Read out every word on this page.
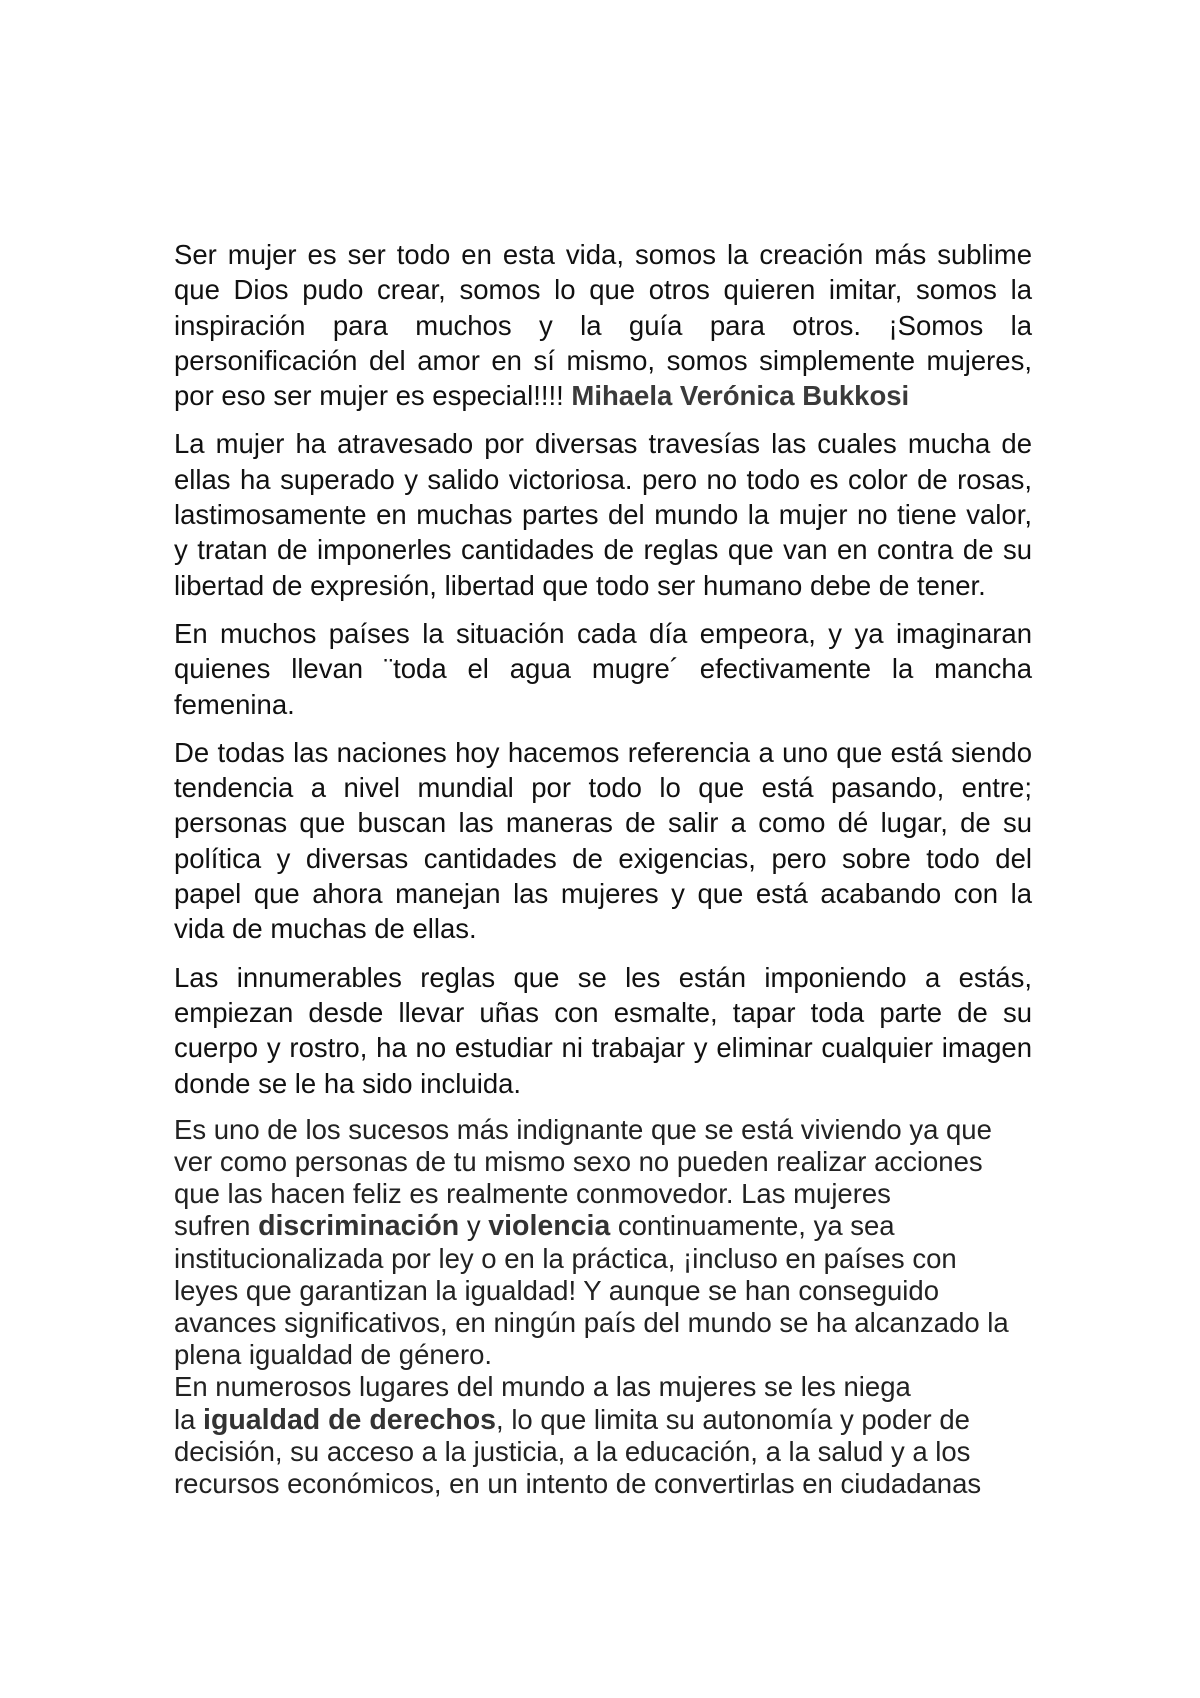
Ser mujer es ser todo en esta vida, somos la creación más sublime que Dios pudo crear, somos lo que otros quieren imitar, somos la inspiración para muchos y la guía para otros. ¡Somos la personificación del amor en sí mismo, somos simplemente mujeres, por eso ser mujer es especial!!!! Mihaela Verónica Bukkosi

La mujer ha atravesado por diversas travesías las cuales mucha de ellas ha superado y salido victoriosa. pero no todo es color de rosas, lastimosamente en muchas partes del mundo la mujer no tiene valor, y tratan de imponerles cantidades de reglas que van en contra de su libertad de expresión, libertad que todo ser humano debe de tener.

En muchos países la situación cada día empeora, y ya imaginaran quienes llevan ¨toda el agua mugre´ efectivamente la mancha femenina.

De todas las naciones hoy hacemos referencia a uno que está siendo tendencia a nivel mundial por todo lo que está pasando, entre; personas que buscan las maneras de salir a como dé lugar, de su política y diversas cantidades de exigencias, pero sobre todo del papel que ahora manejan las mujeres y que está acabando con la vida de muchas de ellas.

Las innumerables reglas que se les están imponiendo a estás, empiezan desde llevar uñas con esmalte, tapar toda parte de su cuerpo y rostro, ha no estudiar ni trabajar y eliminar cualquier imagen donde se le ha sido incluida.

Es uno de los sucesos más indignante que se está viviendo ya que
ver como personas de tu mismo sexo no pueden realizar acciones
que las hacen feliz es realmente conmovedor. Las mujeres
sufren discriminación y violencia continuamente, ya sea
institucionalizada por ley o en la práctica, ¡incluso en países con
leyes que garantizan la igualdad! Y aunque se han conseguido
avances significativos, en ningún país del mundo se ha alcanzado la
plena igualdad de género.
En numerosos lugares del mundo a las mujeres se les niega
la igualdad de derechos, lo que limita su autonomía y poder de
decisión, su acceso a la justicia, a la educación, a la salud y a los
recursos económicos, en un intento de convertirlas en ciudadanas
